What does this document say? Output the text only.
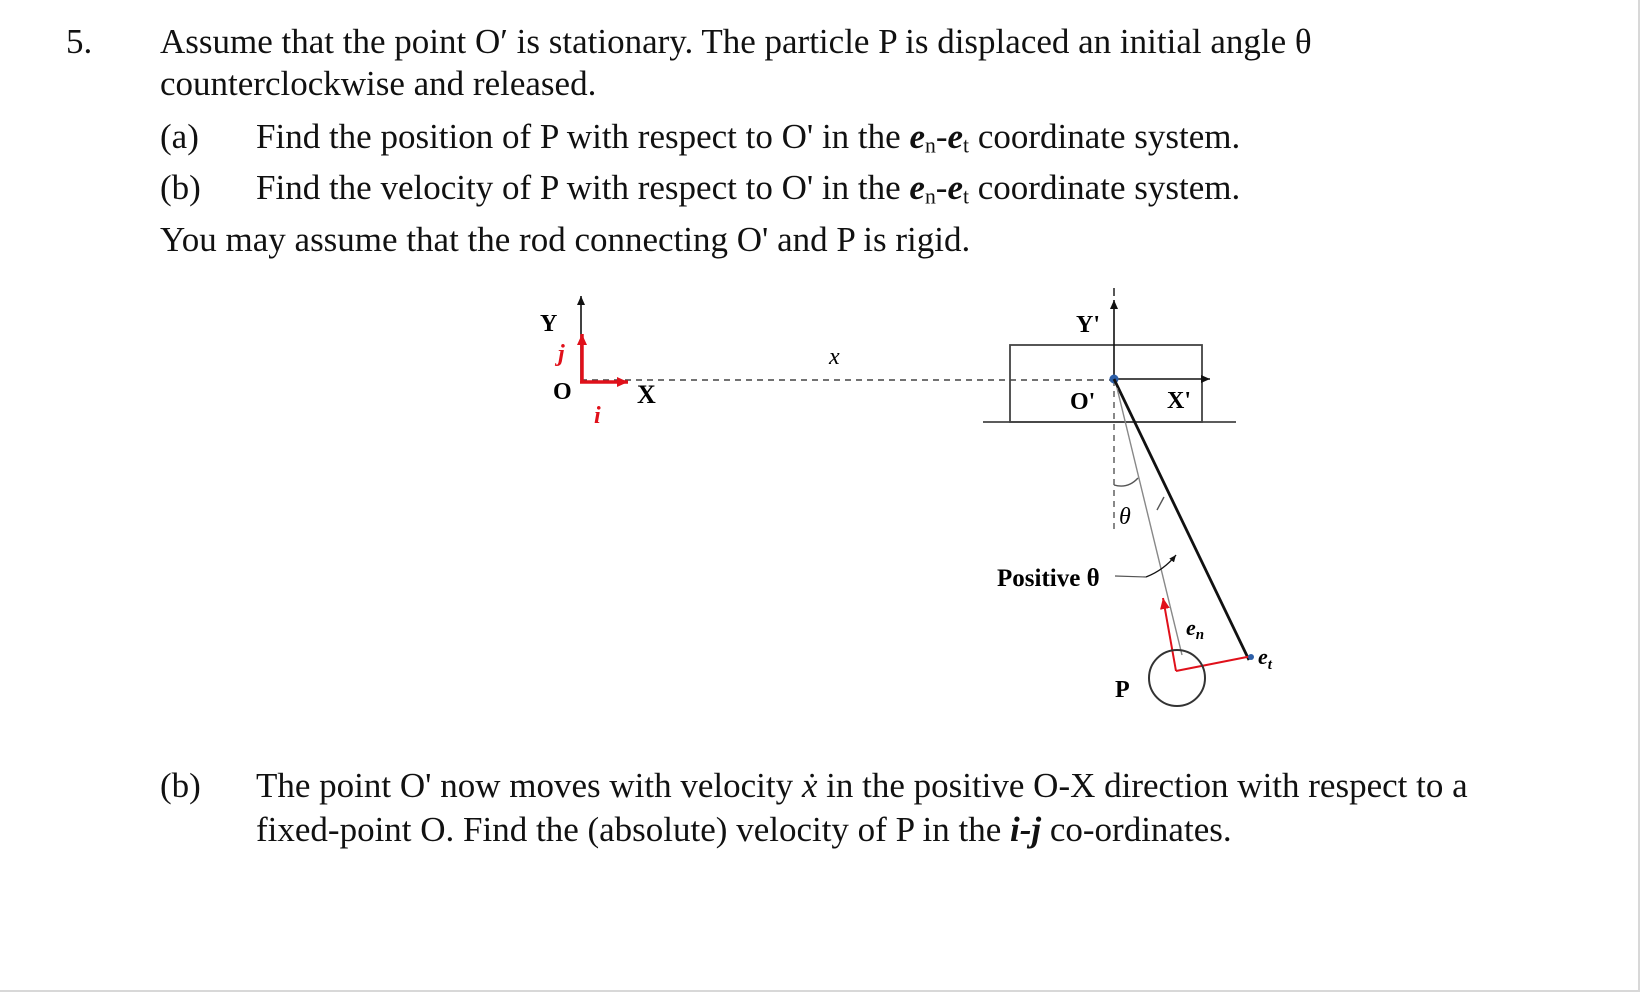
5. Assume that the point O′ is stationary. The particle P is displaced an initial angle θ
counterclockwise and released.
(a) Find the position of P with respect to O' in the $e_n-e_t$ coordinate system.
(b) Find the velocity of P with respect to O' in the $e_n-e_t$ coordinate system.
You may assume that the rod connecting O' and P is rigid.
Y
j
O
i
X
x
Y'
O'	X'
θ
Positive θ
en
$e_t$
P
(b) The point O' now moves with velocity ẋ in the positive O-X direction with respect to a
fixed-point O. Find the (absolute) velocity of P in the i-j co-ordinates.
